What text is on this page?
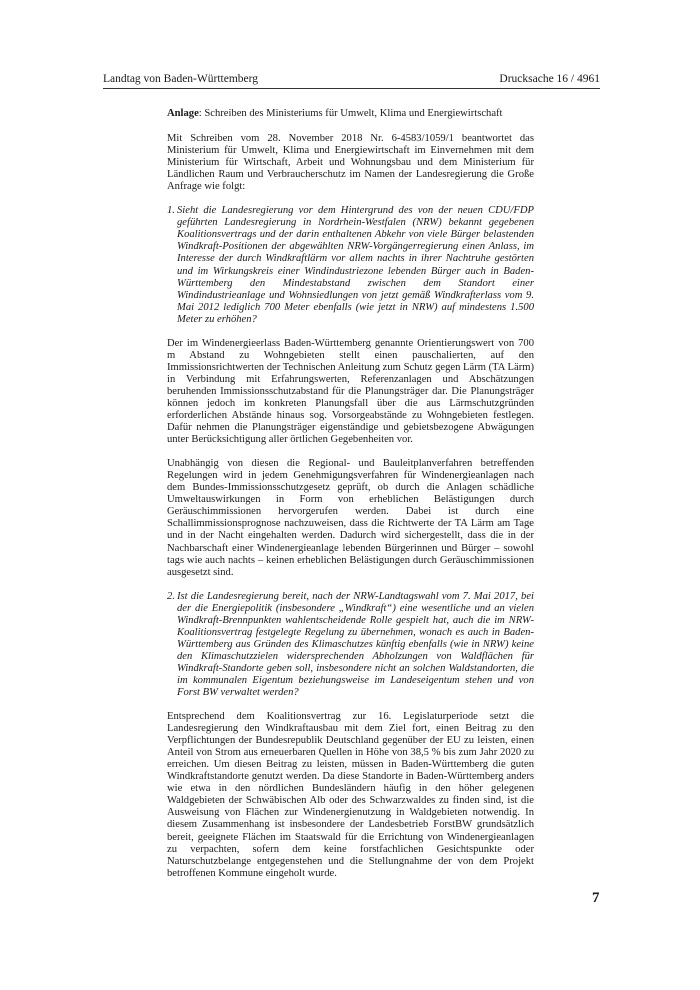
Landtag von Baden-Württemberg	Drucksache 16 / 4961

Anlage: Schreiben des Ministeriums für Umwelt, Klima und Energiewirtschaft

Mit Schreiben vom 28. November 2018 Nr. 6-4583/1059/1 beantwortet das Ministerium für Umwelt, Klima und Energiewirtschaft im Einvernehmen mit dem Ministerium für Wirtschaft, Arbeit und Wohnungsbau und dem Ministerium für Ländlichen Raum und Verbraucherschutz im Namen der Landesregierung die Große Anfrage wie folgt:

1. Sieht die Landesregierung vor dem Hintergrund des von der neuen CDU/FDP geführten Landesregierung in Nordrhein-Westfalen (NRW) bekannt gegebenen Koalitionsvertrags und der darin enthaltenen Abkehr von viele Bürger belastenden Windkraft-Positionen der abgewählten NRW-Vorgängerregierung einen Anlass, im Interesse der durch Windkraftlärm vor allem nachts in ihrer Nachtruhe gestörten und im Wirkungskreis einer Windindustriezone lebenden Bürger auch in Baden-Württemberg den Mindestabstand zwischen dem Standort einer Windindustrieanlage und Wohnsiedlungen von jetzt gemäß Windkrafterlass vom 9. Mai 2012 lediglich 700 Meter ebenfalls (wie jetzt in NRW) auf mindestens 1.500 Meter zu erhöhen?

Der im Windenergieerlass Baden-Württemberg genannte Orientierungswert von 700 m Abstand zu Wohngebieten stellt einen pauschalierten, auf den Immissionsrichtwerten der Technischen Anleitung zum Schutz gegen Lärm (TA Lärm) in Verbindung mit Erfahrungswerten, Referenzanlagen und Abschätzungen beruhenden Immissionsschutzabstand für die Planungsträger dar. Die Planungsträger können jedoch im konkreten Planungsfall über die aus Lärmschutzgründen erforderlichen Abstände hinaus sog. Vorsorgeabstände zu Wohngebieten festlegen. Dafür nehmen die Planungsträger eigenständige und gebietsbezogene Abwägungen unter Berücksichtigung aller örtlichen Gegebenheiten vor.

Unabhängig von diesen die Regional- und Bauleitplanverfahren betreffenden Regelungen wird in jedem Genehmigungsverfahren für Windenergieanlagen nach dem Bundes-Immissionsschutzgesetz geprüft, ob durch die Anlagen schädliche Umweltauswirkungen in Form von erheblichen Belästigungen durch Geräuschimmissionen hervorgerufen werden. Dabei ist durch eine Schallimmissionsprognose nachzuweisen, dass die Richtwerte der TA Lärm am Tage und in der Nacht eingehalten werden. Dadurch wird sichergestellt, dass die in der Nachbarschaft einer Windenergieanlage lebenden Bürgerinnen und Bürger – sowohl tags wie auch nachts – keinen erheblichen Belästigungen durch Geräuschimmissionen ausgesetzt sind.

2. Ist die Landesregierung bereit, nach der NRW-Landtagswahl vom 7. Mai 2017, bei der die Energiepolitik (insbesondere „Windkraft“) eine wesentliche und an vielen Windkraft-Brennpunkten wahlentscheidende Rolle gespielt hat, auch die im NRW-Koalitionsvertrag festgelegte Regelung zu übernehmen, wonach es auch in Baden-Württemberg aus Gründen des Klimaschutzes künftig ebenfalls (wie in NRW) keine den Klimaschutzzielen widersprechenden Abholzungen von Waldflächen für Windkraft-Standorte geben soll, insbesondere nicht an solchen Waldstandorten, die im kommunalen Eigentum beziehungsweise im Landeseigentum stehen und von Forst BW verwaltet werden?

Entsprechend dem Koalitionsvertrag zur 16. Legislaturperiode setzt die Landesregierung den Windkraftausbau mit dem Ziel fort, einen Beitrag zu den Verpflichtungen der Bundesrepublik Deutschland gegenüber der EU zu leisten, einen Anteil von Strom aus erneuerbaren Quellen in Höhe von 38,5 % bis zum Jahr 2020 zu erreichen. Um diesen Beitrag zu leisten, müssen in Baden-Württemberg die guten Windkraftstandorte genutzt werden. Da diese Standorte in Baden-Württemberg anders wie etwa in den nördlichen Bundesländern häufig in den höher gelegenen Waldgebieten der Schwäbischen Alb oder des Schwarzwaldes zu finden sind, ist die Ausweisung von Flächen zur Windenergienutzung in Waldgebieten notwendig. In diesem Zusammenhang ist insbesondere der Landesbetrieb ForstBW grundsätzlich bereit, geeignete Flächen im Staatswald für die Errichtung von Windenergieanlagen zu verpachten, sofern dem keine forstfachlichen Gesichtspunkte oder Naturschutzbelange entgegenstehen und die Stellungnahme der von dem Projekt betroffenen Kommune eingeholt wurde.

7
